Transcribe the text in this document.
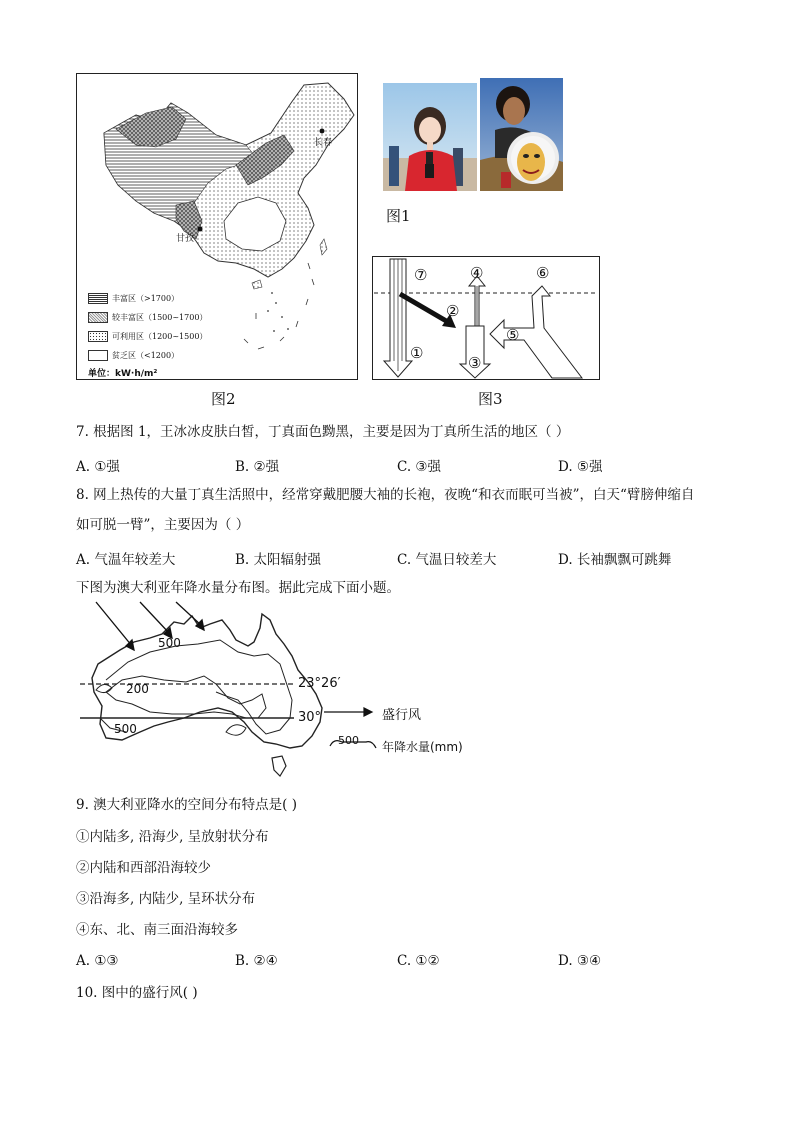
长春
甘孜
丰富区（>1700）
较丰富区（1500~1700）
可利用区（1200~1500）
贫乏区（<1200）
单位：kW·h/m²
图2
图1
⑦	④	⑥
②
⑤
①
③
图3
7. 根据图 1，王冰冰皮肤白皙，丁真面色黝黑，主要是因为丁真所生活的地区（ ）
A. ①强	B. ②强	C. ③强	D. ⑤强
8. 网上热传的大量丁真生活照中，经常穿戴肥腰大袖的长袍，夜晚“和衣而眠可当被”，白天“臂膀伸缩自
如可脱一臂”，主要因为（ ）
A. 气温年较差大	B. 太阳辐射强	C. 气温日较差大	D. 长袖飘飘可跳舞
下图为澳大利亚年降水量分布图。据此完成下面小题。
500
200
500
23°26′
30°	盛行风
500 年降水量(mm)
9. 澳大利亚降水的空间分布特点是( )
①内陆多, 沿海少, 呈放射状分布
②内陆和西部沿海较少
③沿海多, 内陆少, 呈环状分布
④东、北、南三面沿海较多
A. ①③	B. ②④	C. ①②	D. ③④
10. 图中的盛行风( )
